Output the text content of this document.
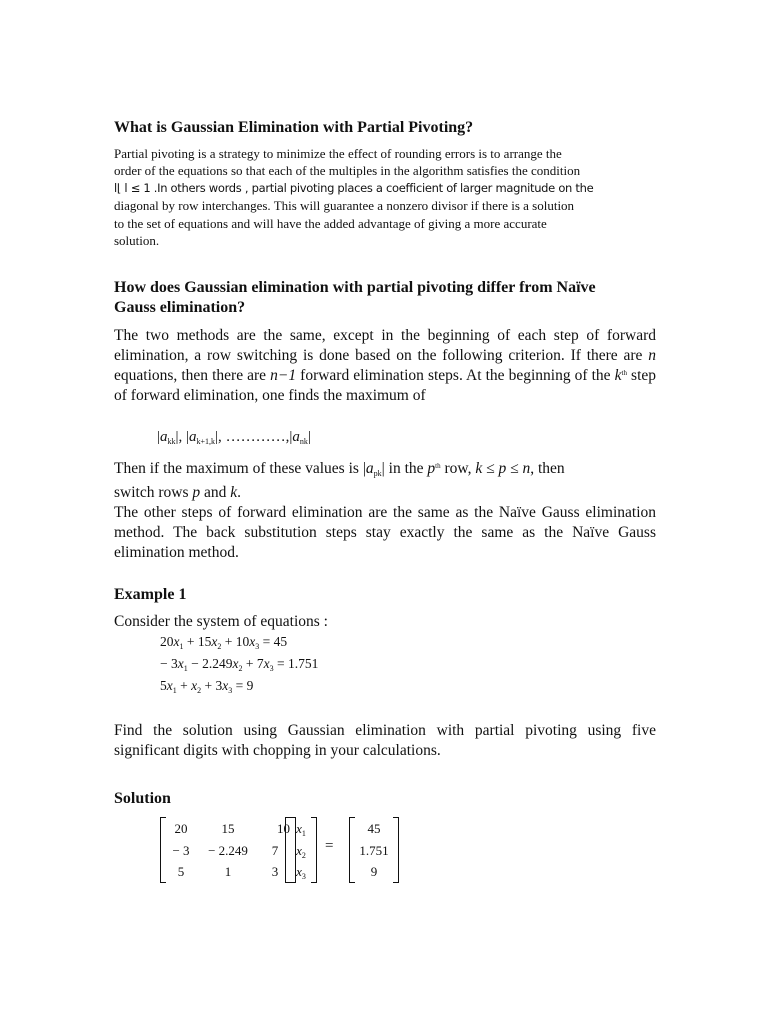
What is Gaussian Elimination with Partial Pivoting?
Partial pivoting is a strategy to minimize the effect of rounding errors is to arrange the
order of the equations so that each of the multiples in the algorithm satisfies the condition
l⌊ l ≤ 1 .In others words , partial pivoting places a coefficient of larger magnitude on the
diagonal by row interchanges. This will guarantee a nonzero divisor if there is a solution
to the set of equations and will have the added advantage of giving a more accurate
solution.
How does Gaussian elimination with partial pivoting differ from Naïve
Gauss elimination?
The two methods are the same, except in the beginning of each step of forward elimination, a row switching is done based on the following criterion. If there are n equations, then there are n−1 forward elimination steps. At the beginning of the $k^{th}$ step of forward elimination, one finds the maximum of
$|a_{kk}|$, $|a_{k+1,k}|$, $\dots\dots\dots\dots,|a_{nk}|$
Then if the maximum of these values is $|a_{pk}|$ in the $p^{th}$ row, k ≤ p ≤ n, then
switch rows p and k.
The other steps of forward elimination are the same as the Naïve Gauss elimination method. The back substitution steps stay exactly the same as the Naïve Gauss elimination method.
Example 1
Consider the system of equations :
$20x_1 + 15x_2 + 10x_3 = 45$
− $3x_1 - 2.249x_2 + 7x_3 = 1.751$
$5x_1 + x_2 + 3x_3 = 9$
Find the solution using Gaussian elimination with partial pivoting using five significant digits with chopping in your calculations.
Solution
20	15	10
− 3	− 2.249	7
5	1	3
$x_1$
$x_2$
$x_3$
=
45
1.751
9
